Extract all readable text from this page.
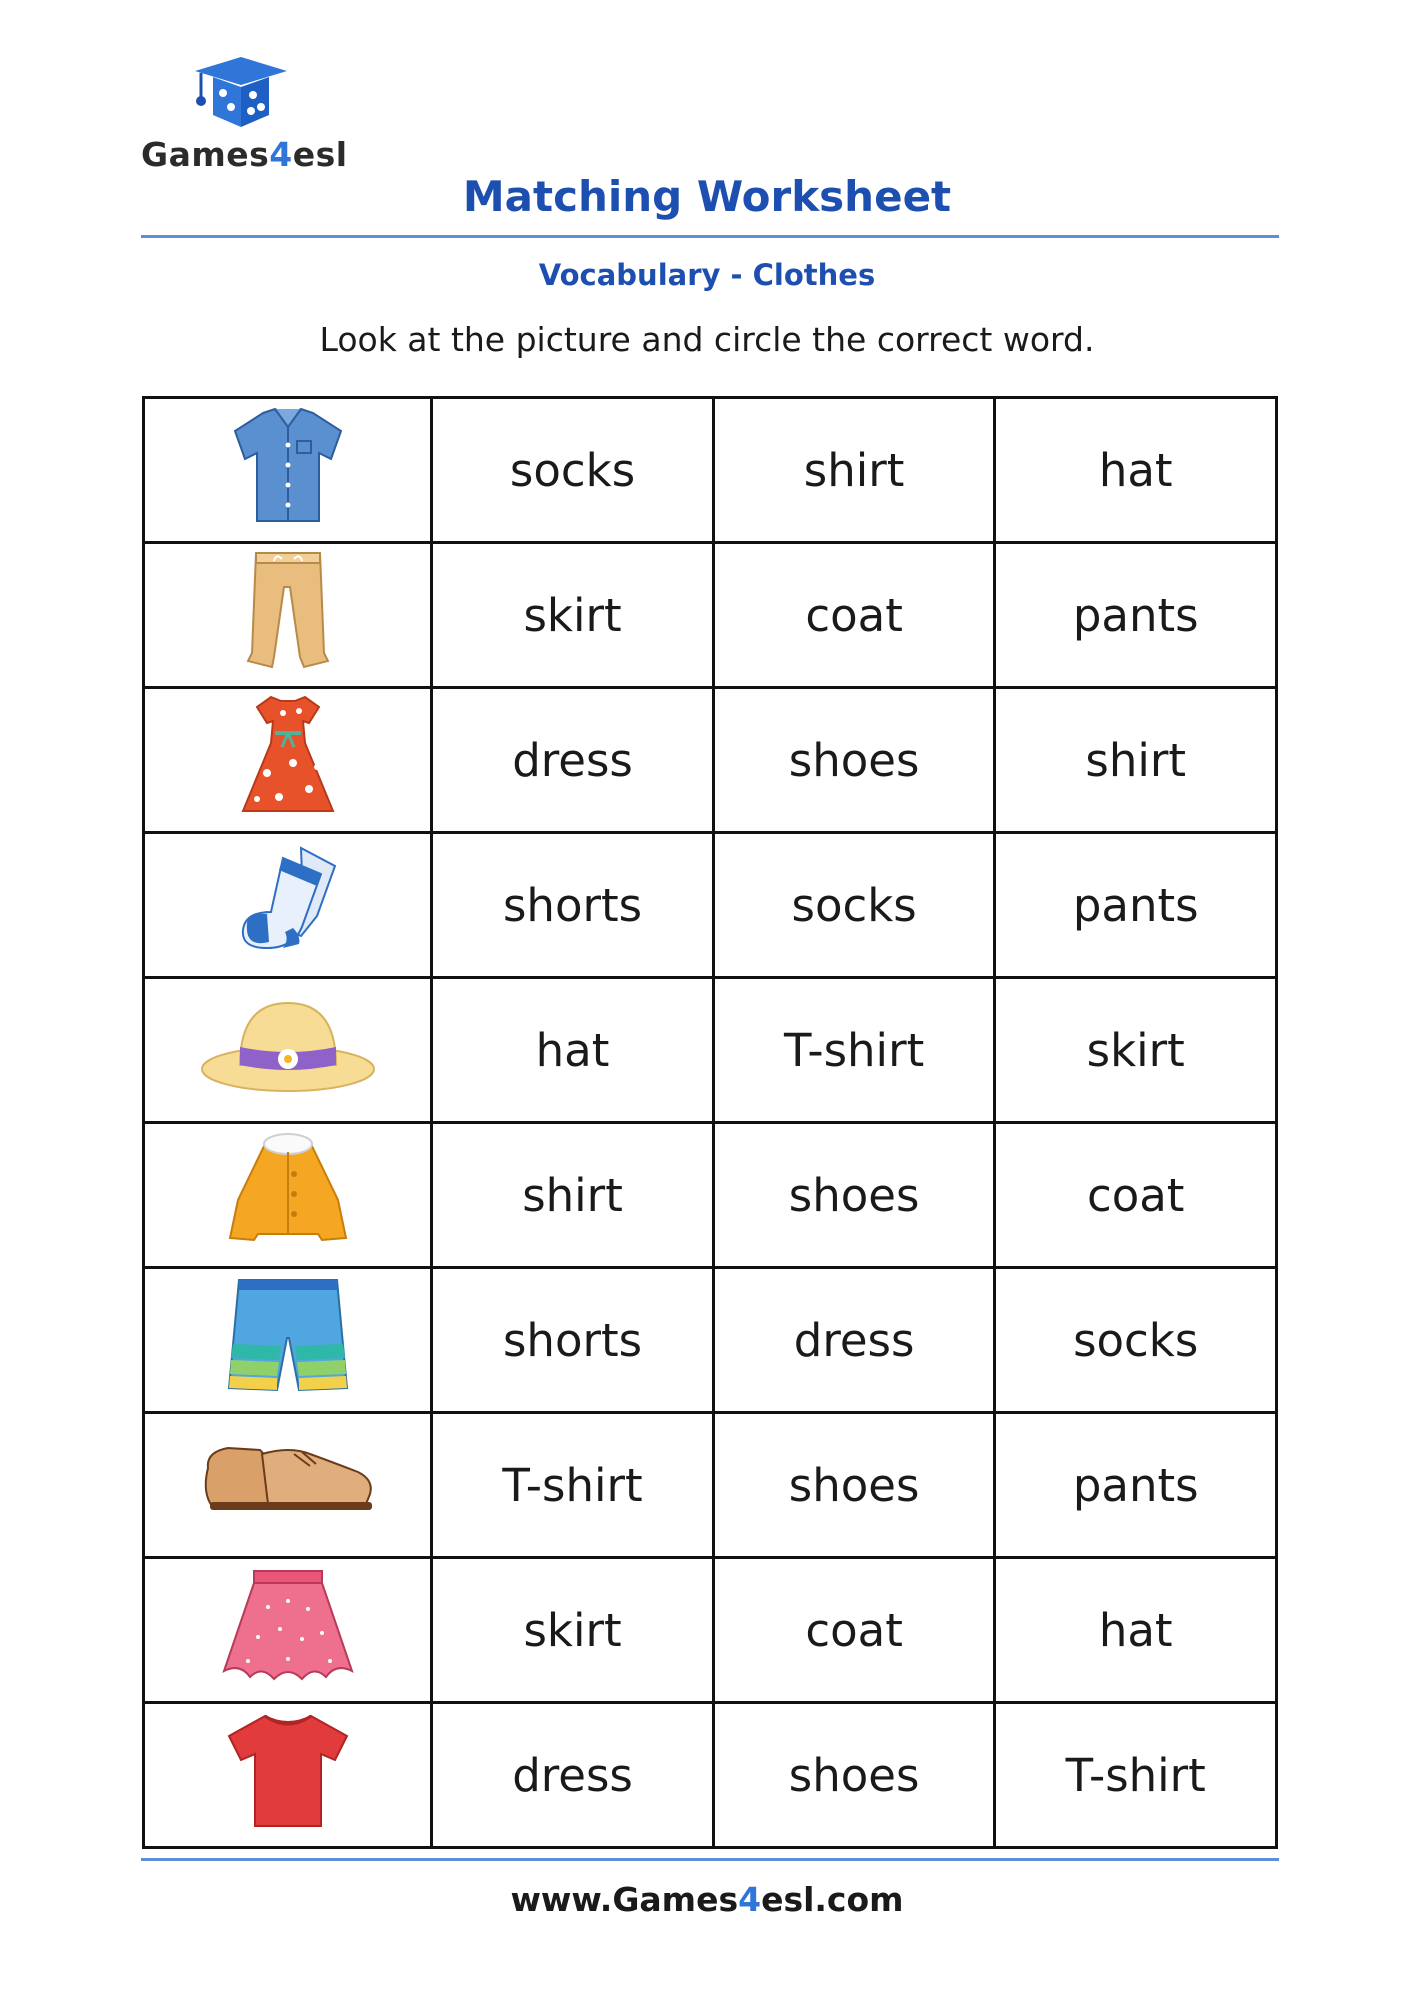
Games4esl
Matching Worksheet
Vocabulary - Clothes
Look at the picture and circle the correct word.
	socks	shirt	hat
	skirt	coat	pants
	dress	shoes	shirt
	shorts	socks	pants
	hat	T-shirt	skirt
	shirt	shoes	coat
	shorts	dress	socks
	T-shirt	shoes	pants
	skirt	coat	hat
	dress	shoes	T-shirt
www.Games4esl.com
